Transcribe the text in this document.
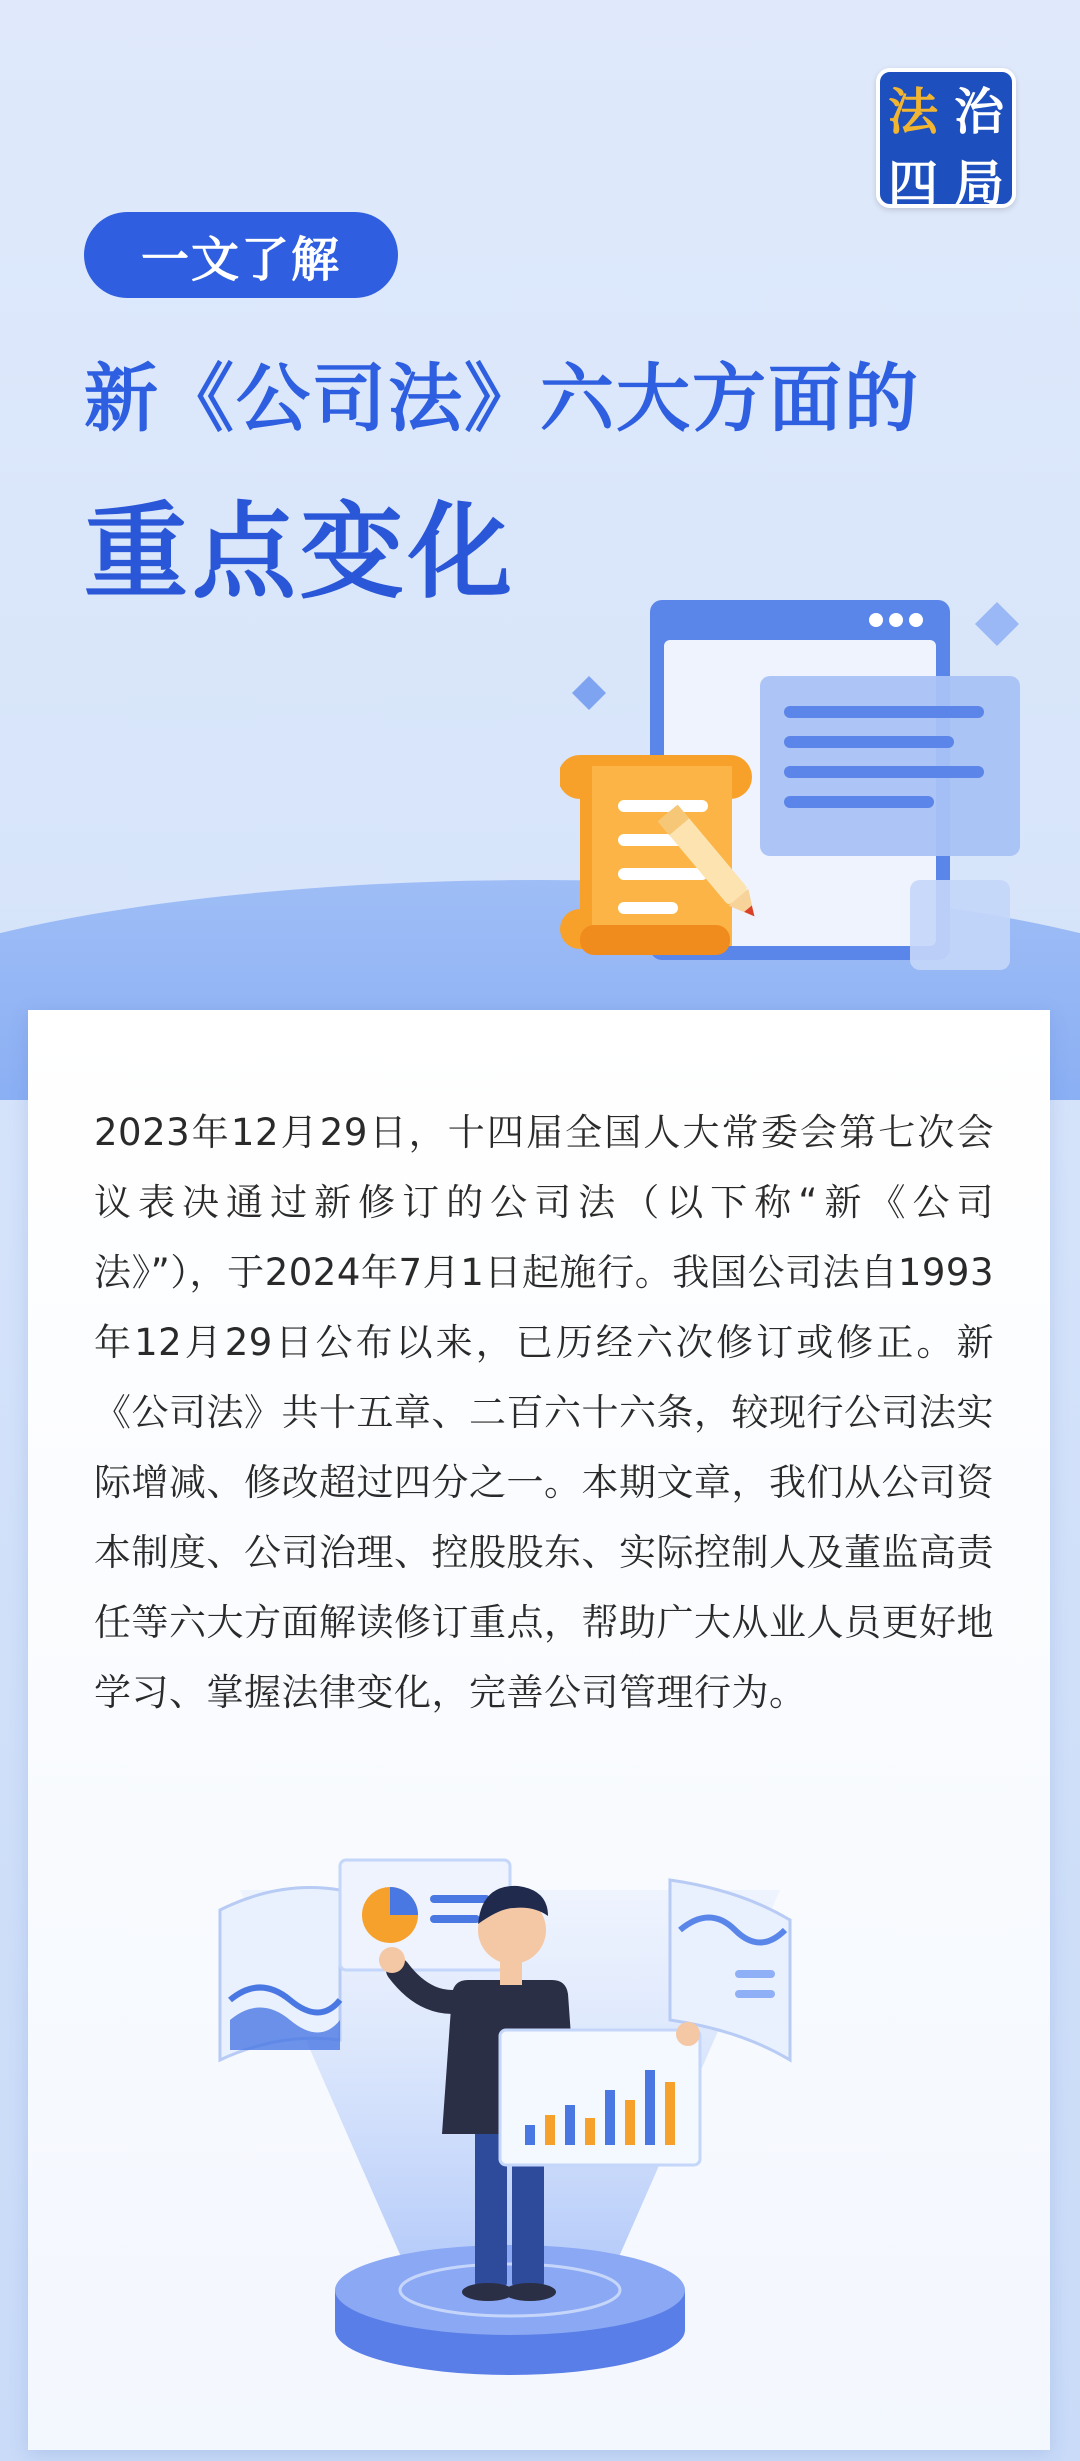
法 治
四 局
一文了解
新《公司法》六大方面的
重点变化
2023年12月29日，十四届全国人大常委会第七次会议表决通过新修订的公司法（以下称“新《公司法》”），于2024年7月1日起施行。我国公司法自1993年12月29日公布以来，已历经六次修订或修正。新《公司法》共十五章、二百六十六条，较现行公司法实际增减、修改超过四分之一。本期文章，我们从公司资本制度、公司治理、控股股东、实际控制人及董监高责任等六大方面解读修订重点，帮助广大从业人员更好地学习、掌握法律变化，完善公司管理行为。
